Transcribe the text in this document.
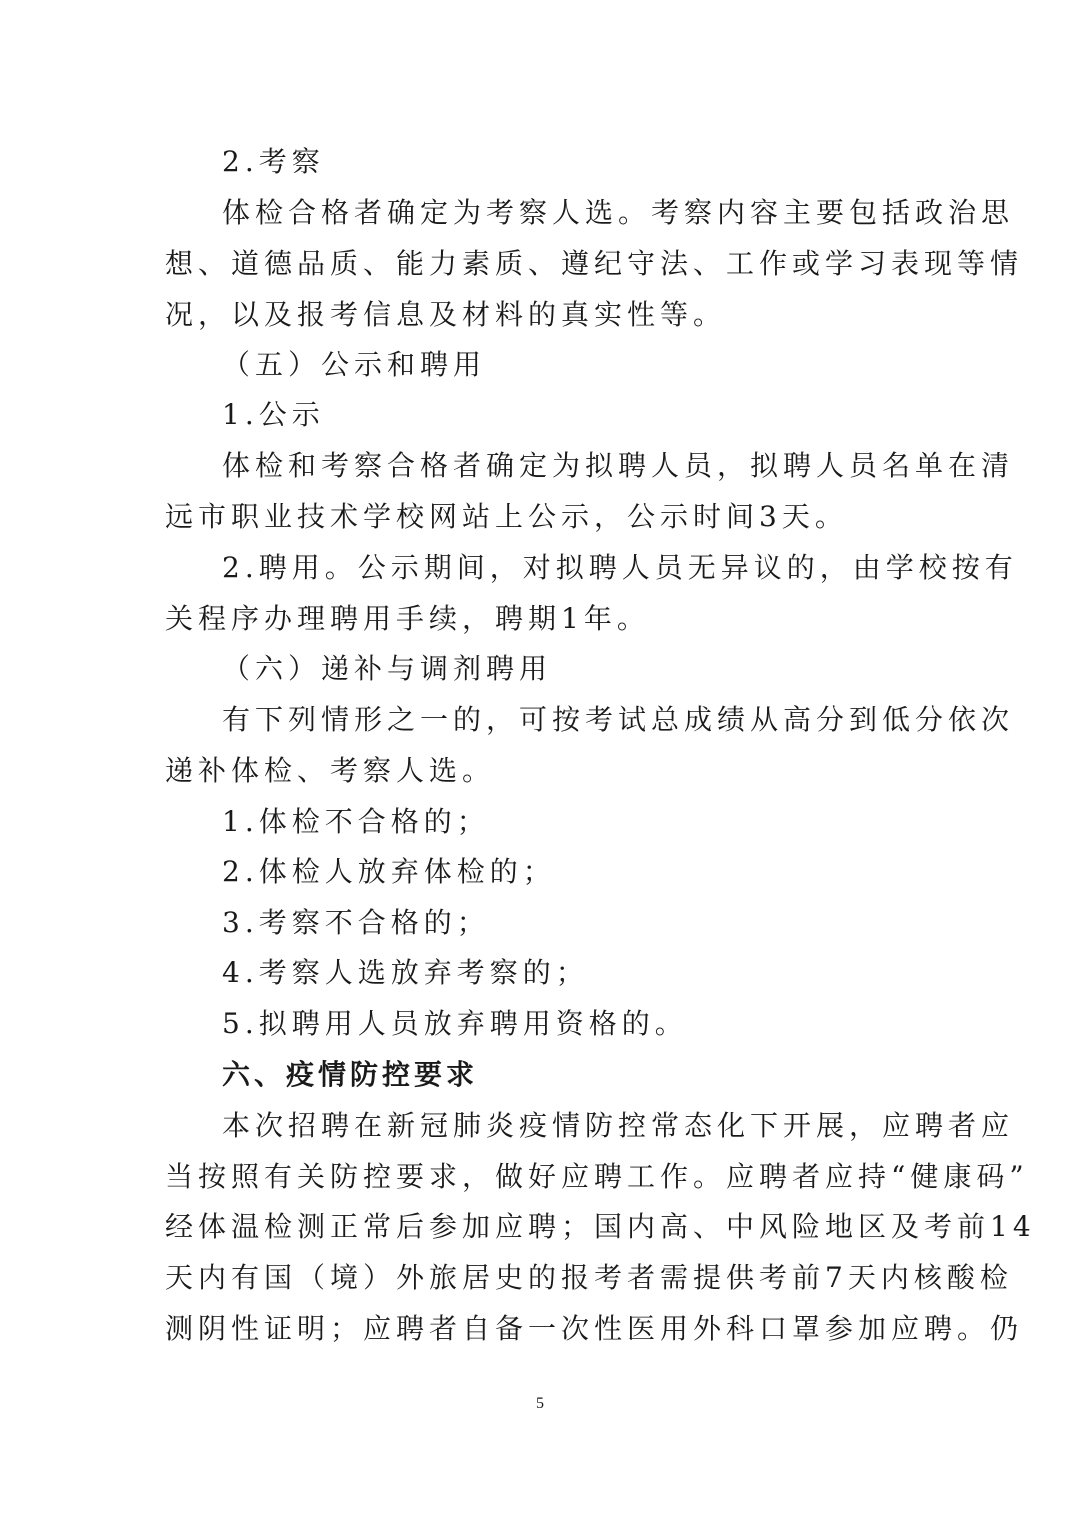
2.考察
体检合格者确定为考察人选。考察内容主要包括政治思
想、道德品质、能力素质、遵纪守法、工作或学习表现等情
况，以及报考信息及材料的真实性等。
（五）公示和聘用
1.公示
体检和考察合格者确定为拟聘人员，拟聘人员名单在清
远市职业技术学校网站上公示，公示时间3天。
2.聘用。公示期间，对拟聘人员无异议的，由学校按有
关程序办理聘用手续，聘期1年。
（六）递补与调剂聘用
有下列情形之一的，可按考试总成绩从高分到低分依次
递补体检、考察人选。
1.体检不合格的；
2.体检人放弃体检的；
3.考察不合格的；
4.考察人选放弃考察的；
5.拟聘用人员放弃聘用资格的。
六、疫情防控要求
本次招聘在新冠肺炎疫情防控常态化下开展，应聘者应
当按照有关防控要求，做好应聘工作。应聘者应持“健康码”
经体温检测正常后参加应聘；国内高、中风险地区及考前14
天内有国（境）外旅居史的报考者需提供考前7天内核酸检
测阴性证明；应聘者自备一次性医用外科口罩参加应聘。仍
5
